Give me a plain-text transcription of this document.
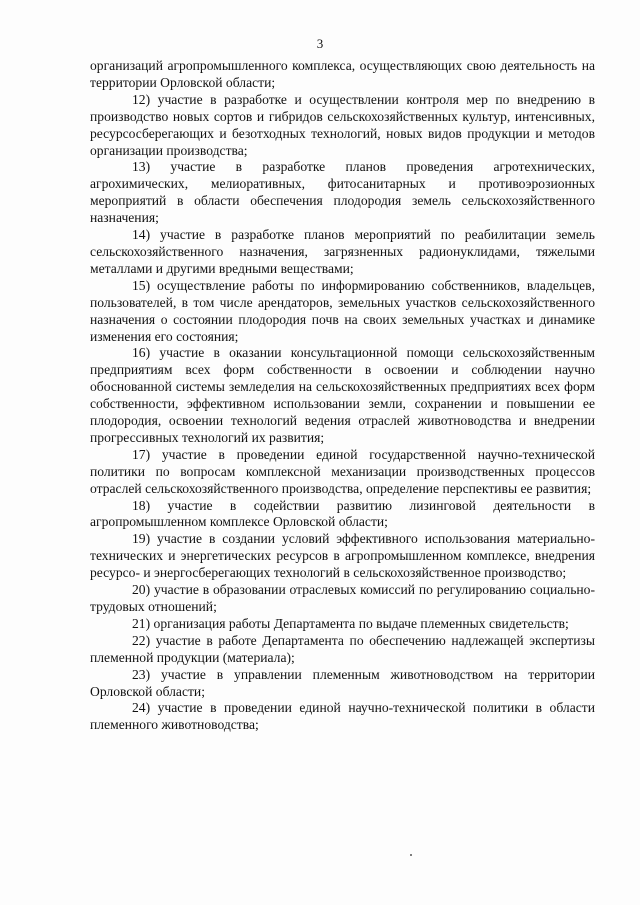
3

организаций агропромышленного комплекса, осуществляющих свою деятельность на территории Орловской области;

12) участие в разработке и осуществлении контроля мер по внедрению в производство новых сортов и гибридов сельскохозяйственных культур, интенсивных, ресурсосберегающих и безотходных технологий, новых видов продукции и методов организации производства;

13) участие в разработке планов проведения агротехнических, агрохимических, мелиоративных, фитосанитарных и противоэрозионных мероприятий в области обеспечения плодородия земель сельскохозяйственного назначения;

14) участие в разработке планов мероприятий по реабилитации земель сельскохозяйственного назначения, загрязненных радионуклидами, тяжелыми металлами и другими вредными веществами;

15) осуществление работы по информированию собственников, владельцев, пользователей, в том числе арендаторов, земельных участков сельскохозяйственного назначения о состоянии плодородия почв на своих земельных участках и динамике изменения его состояния;

16) участие в оказании консультационной помощи сельскохозяйственным предприятиям всех форм собственности в освоении и соблюдении научно обоснованной системы земледелия на сельскохозяйственных предприятиях всех форм собственности, эффективном использовании земли, сохранении и повышении ее плодородия, освоении технологий ведения отраслей животноводства и внедрении прогрессивных технологий их развития;

17) участие в проведении единой государственной научно-технической политики по вопросам комплексной механизации производственных процессов отраслей сельскохозяйственного производства, определение перспективы ее развития;

18) участие в содействии развитию лизинговой деятельности в агропромышленном комплексе Орловской области;

19) участие в создании условий эффективного использования материально-технических и энергетических ресурсов в агропромышленном комплексе, внедрения ресурсо- и энергосберегающих технологий в сельскохозяйственное производство;

20) участие в образовании отраслевых комиссий по регулированию социально-трудовых отношений;

21) организация работы Департамента по выдаче племенных свидетельств;

22) участие в работе Департамента по обеспечению надлежащей экспертизы племенной продукции (материала);

23) участие в управлении племенным животноводством на территории Орловской области;

24) участие в проведении единой научно-технической политики в области племенного животноводства;
